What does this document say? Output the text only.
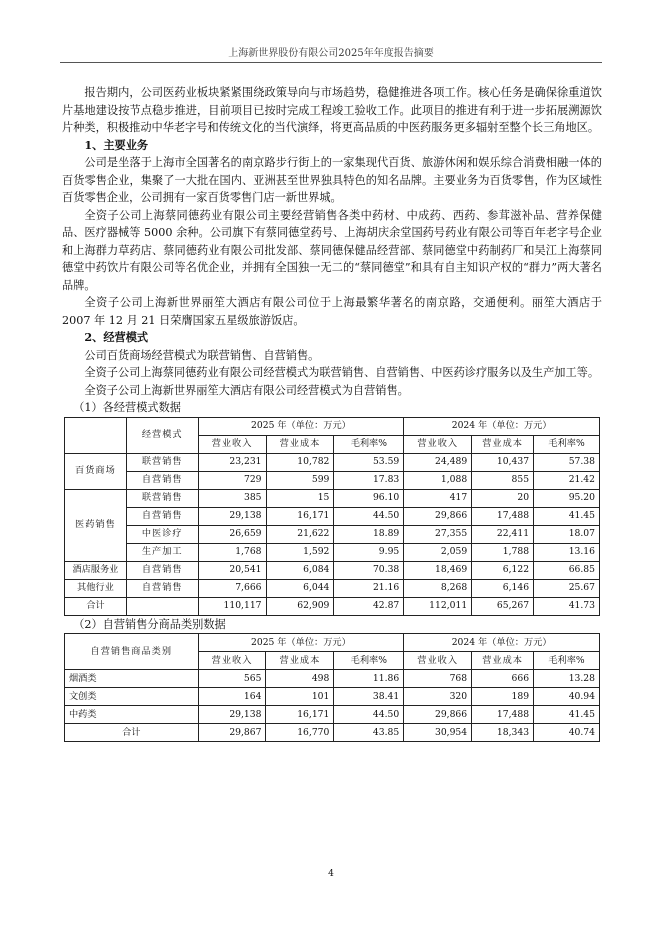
上海新世界股份有限公司2025年年度报告摘要

报告期内，公司医药业板块紧紧围绕政策导向与市场趋势，稳健推进各项工作。核心任务是确保徐重道饮片基地建设按节点稳步推进，目前项目已按时完成工程竣工验收工作。此项目的推进有利于进一步拓展溯源饮片种类，积极推动中华老字号和传统文化的当代演绎，将更高品质的中医药服务更多辐射至整个长三角地区。

1、主要业务

公司是坐落于上海市全国著名的南京路步行街上的一家集现代百货、旅游休闲和娱乐综合消费相融一体的百货零售企业，集聚了一大批在国内、亚洲甚至世界独具特色的知名品牌。主要业务为百货零售，作为区域性百货零售企业，公司拥有一家百货零售门店一新世界城。

全资子公司上海蔡同德药业有限公司主要经营销售各类中药材、中成药、西药、参茸滋补品、营养保健品、医疗器械等 5000 余种。公司旗下有蔡同德堂药号、上海胡庆余堂国药号药业有限公司等百年老字号企业和上海群力草药店、蔡同德药业有限公司批发部、蔡同德保健品经营部、蔡同德堂中药制药厂和吴江上海蔡同德堂中药饮片有限公司等名优企业，并拥有全国独一无二的“蔡同德堂”和具有自主知识产权的“群力”两大著名品牌。

全资子公司上海新世界丽笙大酒店有限公司位于上海最繁华著名的南京路，交通便利。丽笙大酒店于2007 年 12 月 21 日荣膺国家五星级旅游饭店。

2、经营模式

公司百货商场经营模式为联营销售、自营销售。

全资子公司上海蔡同德药业有限公司经营模式为联营销售、自营销售、中医药诊疗服务以及生产加工等。

全资子公司上海新世界丽笙大酒店有限公司经营模式为自营销售。

（1）各经营模式数据

	经营模式	2025 年（单位：万元）			2024 年（单位：万元）		
		营业收入	营业成本	毛利率%	营业收入	营业成本	毛利率%
百货商场	联营销售	23,231	10,782	53.59	24,489	10,437	57.38
	自营销售	729	599	17.83	1,088	855	21.42
医药销售	联营销售	385	15	96.10	417	20	95.20
	自营销售	29,138	16,171	44.50	29,866	17,488	41.45
	中医诊疗	26,659	21,622	18.89	27,355	22,411	18.07
	生产加工	1,768	1,592	9.95	2,059	1,788	13.16
酒店服务业	自营销售	20,541	6,084	70.38	18,469	6,122	66.85
其他行业	自营销售	7,666	6,044	21.16	8,268	6,146	25.67
合计		110,117	62,909	42.87	112,011	65,267	41.73

（2）自营销售分商品类别数据

自营销售商品类别	2025 年（单位：万元）			2024 年（单位：万元）		
	营业收入	营业成本	毛利率%	营业收入	营业成本	毛利率%
烟酒类	565	498	11.86	768	666	13.28
文创类	164	101	38.41	320	189	40.94
中药类	29,138	16,171	44.50	29,866	17,488	41.45
合计	29,867	16,770	43.85	30,954	18,343	40.74
4
